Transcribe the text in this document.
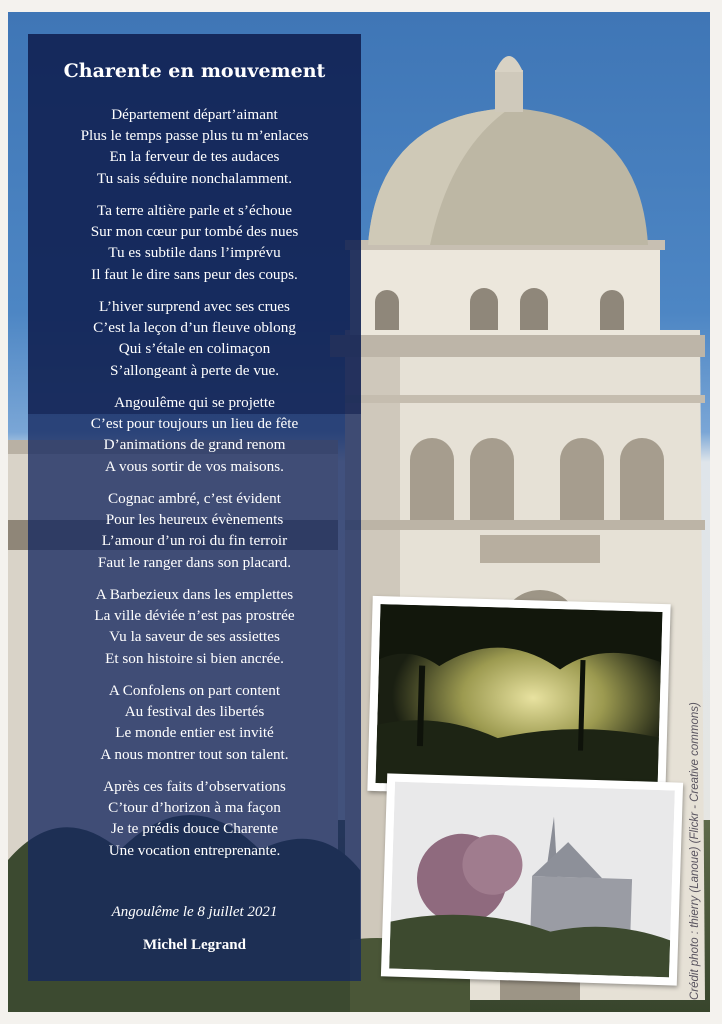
Charente en mouvement
Département départ’aimant
Plus le temps passe plus tu m’enlaces
En la ferveur de tes audaces
Tu sais séduire nonchalamment.
Ta terre altière parle et s’échoue
Sur mon cœur pur tombé des nues
Tu es subtile dans l’imprévu
Il faut le dire sans peur des coups.
L’hiver surprend avec ses crues
C’est la leçon d’un fleuve oblong
Qui s’étale en colimaçon
S’allongeant à perte de vue.
Angoulême qui se projette
C’est pour toujours un lieu de fête
D’animations de grand renom
A vous sortir de vos maisons.
Cognac ambré, c’est évident
Pour les heureux évènements
L’amour d’un roi du fin terroir
Faut le ranger dans son placard.
A Barbezieux dans les emplettes
La ville déviée n’est pas prostrée
Vu la saveur de ses assiettes
Et son histoire si bien ancrée.
A Confolens on part content
Au festival des libertés
Le monde entier est invité
A nous montrer tout son talent.
Après ces faits d’observations
C’tour d’horizon à ma façon
Je te prédis douce Charente
Une vocation entreprenante.
Angoulême le 8 juillet 2021
Michel Legrand	Crédit photo : thierry (Lanoue) (Flickr - Creative commons)
